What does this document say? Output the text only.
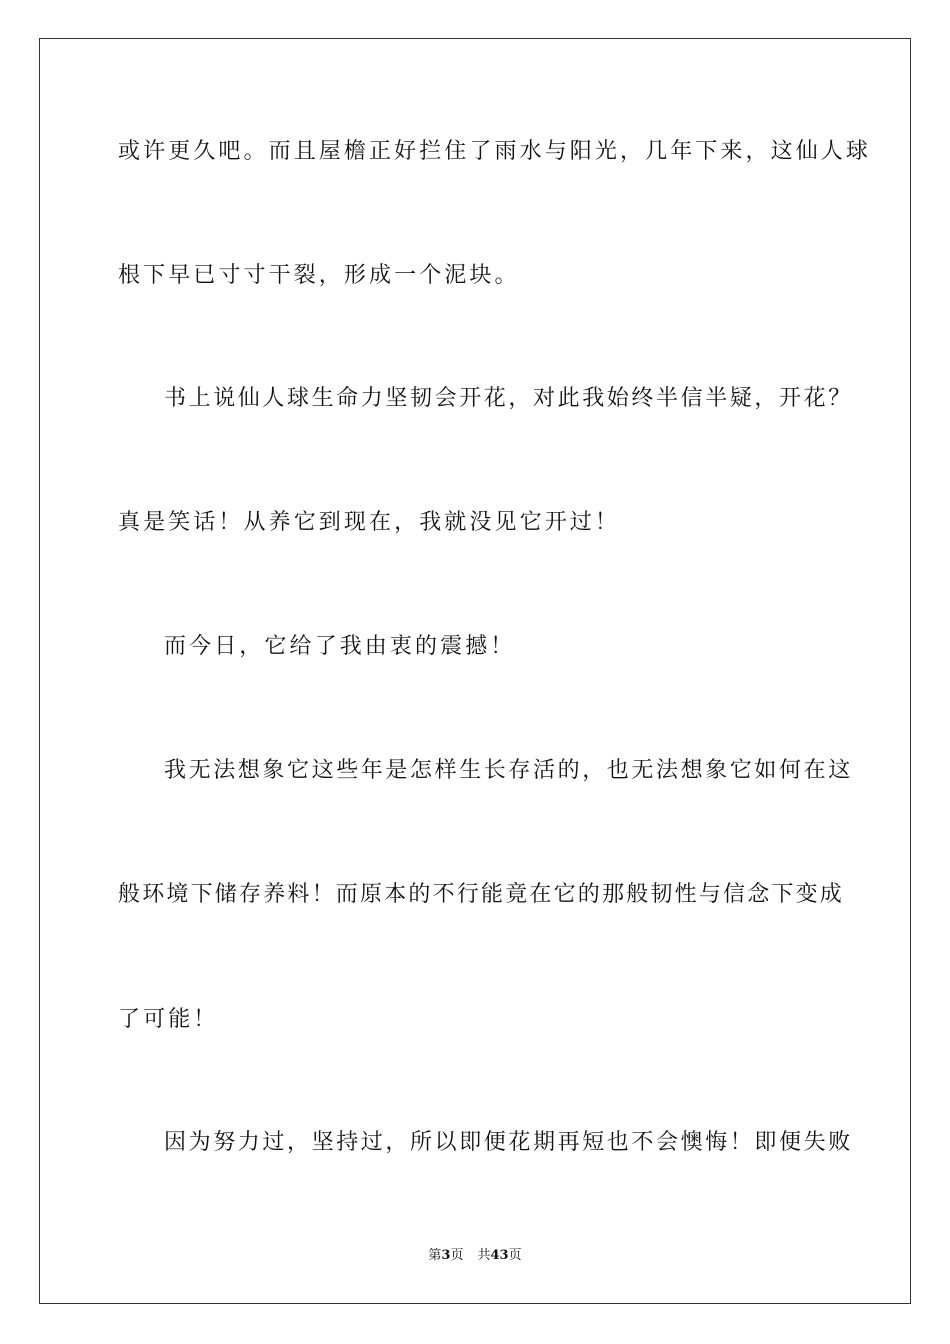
或许更久吧。而且屋檐正好拦住了雨水与阳光，几年下来，这仙人球
根下早已寸寸干裂，形成一个泥块。
书上说仙人球生命力坚韧会开花，对此我始终半信半疑，开花？
真是笑话！从养它到现在，我就没见它开过！
而今日，它给了我由衷的震撼！
我无法想象它这些年是怎样生长存活的，也无法想象它如何在这
般环境下储存养料！而原本的不行能竟在它的那般韧性与信念下变成
了可能！
因为努力过，坚持过，所以即便花期再短也不会懊悔！即便失败
第3页 共43页
